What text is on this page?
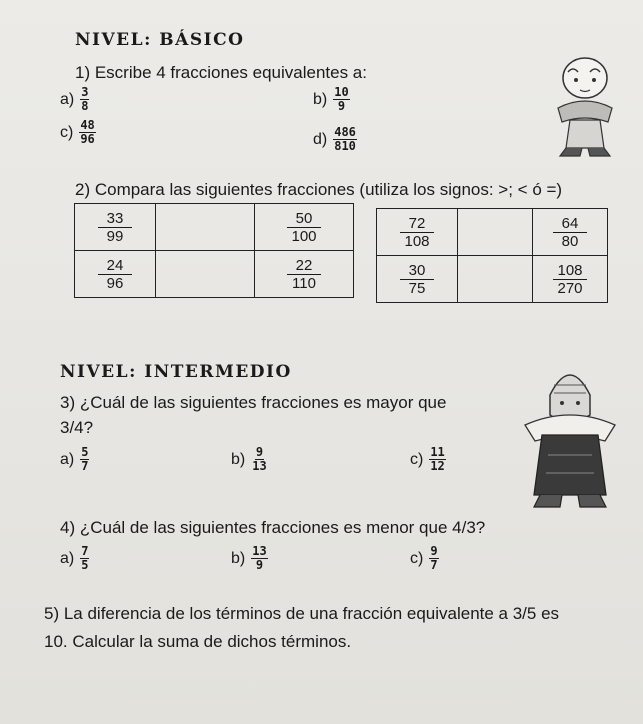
NIVEL: BÁSICO
1) Escribe 4 fracciones equivalentes a:
$a) \frac{3}{8}$	$b) \frac{10}{9}$
$c) \frac{48}{96}$	$d) \frac{486}{810}$
2) Compara las siguientes fracciones (utiliza los signos: >; < ó =)
$\frac{33}{99}$		$\frac{50}{100}$

$\frac{24}{96}$		$\frac{22}{110}$
$\frac{72}{108}$		$\frac{64}{80}$

$\frac{30}{75}$		$\frac{108}{270}$
NIVEL: INTERMEDIO
3) ¿Cuál de las siguientes fracciones es mayor que
3/4?
$a) \frac{5}{7}$	$b) \frac{9}{13}$	$c) \frac{11}{12}$
4) ¿Cuál de las siguientes fracciones es menor que 4/3?
$a) \frac{7}{5}$	$b) \frac{13}{9}$	$c) \frac{9}{7}$
5) La diferencia de los términos de una fracción equivalente a 3/5 es
10. Calcular la suma de dichos términos.
